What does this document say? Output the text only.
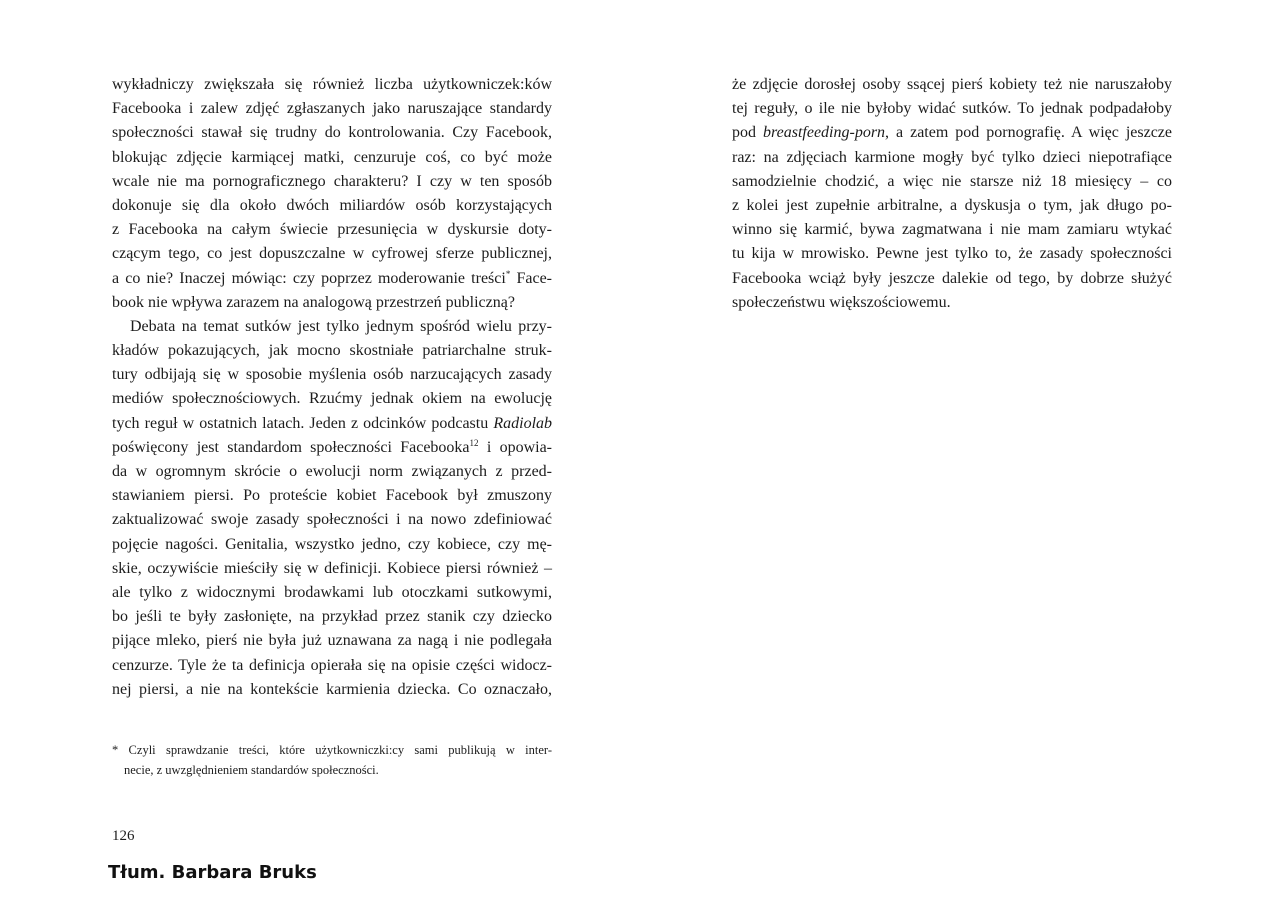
wykładniczy zwiększała się również liczba użytkowniczek:ków
Facebooka i zalew zdjęć zgłaszanych jako naruszające standardy
społeczności stawał się trudny do kontrolowania. Czy Facebook,
blokując zdjęcie karmiącej matki, cenzuruje coś, co być może
wcale nie ma pornograficznego charakteru? I czy w ten sposób
dokonuje się dla około dwóch miliardów osób korzystających
z Facebooka na całym świecie przesunięcia w dyskursie doty-
czącym tego, co jest dopuszczalne w cyfrowej sferze publicznej,
a co nie? Inaczej mówiąc: czy poprzez moderowanie treści* Face-
book nie wpływa zarazem na analogową przestrzeń publiczną?
Debata na temat sutków jest tylko jednym spośród wielu przy-
kładów pokazujących, jak mocno skostniałe patriarchalne struk-
tury odbijają się w sposobie myślenia osób narzucających zasady
mediów społecznościowych. Rzućmy jednak okiem na ewolucję
tych reguł w ostatnich latach. Jeden z odcinków podcastu Radiolab
poświęcony jest standardom społeczności Facebooka$^{12}$ i opowia-
da w ogromnym skrócie o ewolucji norm związanych z przed-
stawianiem piersi. Po proteście kobiet Facebook był zmuszony
zaktualizować swoje zasady społeczności i na nowo zdefiniować
pojęcie nagości. Genitalia, wszystko jedno, czy kobiece, czy mę-
skie, oczywiście mieściły się w definicji. Kobiece piersi również –
ale tylko z widocznymi brodawkami lub otoczkami sutkowymi,
bo jeśli te były zasłonięte, na przykład przez stanik czy dziecko
pijące mleko, pierś nie była już uznawana za nagą i nie podlegała
cenzurze. Tyle że ta definicja opierała się na opisie części widocz-
nej piersi, a nie na kontekście karmienia dziecka. Co oznaczało,
* Czyli sprawdzanie treści, które użytkowniczki:cy sami publikują w inter-
necie, z uwzględnieniem standardów społeczności.
126
Tłum. Barbara Bruks
że zdjęcie dorosłej osoby ssącej pierś kobiety też nie naruszałoby
tej reguły, o ile nie byłoby widać sutków. To jednak podpadałoby
pod breastfeeding-porn, a zatem pod pornografię. A więc jeszcze
raz: na zdjęciach karmione mogły być tylko dzieci niepotrafiące
samodzielnie chodzić, a więc nie starsze niż 18 miesięcy – co
z kolei jest zupełnie arbitralne, a dyskusja o tym, jak długo po-
winno się karmić, bywa zagmatwana i nie mam zamiaru wtykać
tu kija w mrowisko. Pewne jest tylko to, że zasady społeczności
Facebooka wciąż były jeszcze dalekie od tego, by dobrze służyć
społeczeństwu większościowemu.
